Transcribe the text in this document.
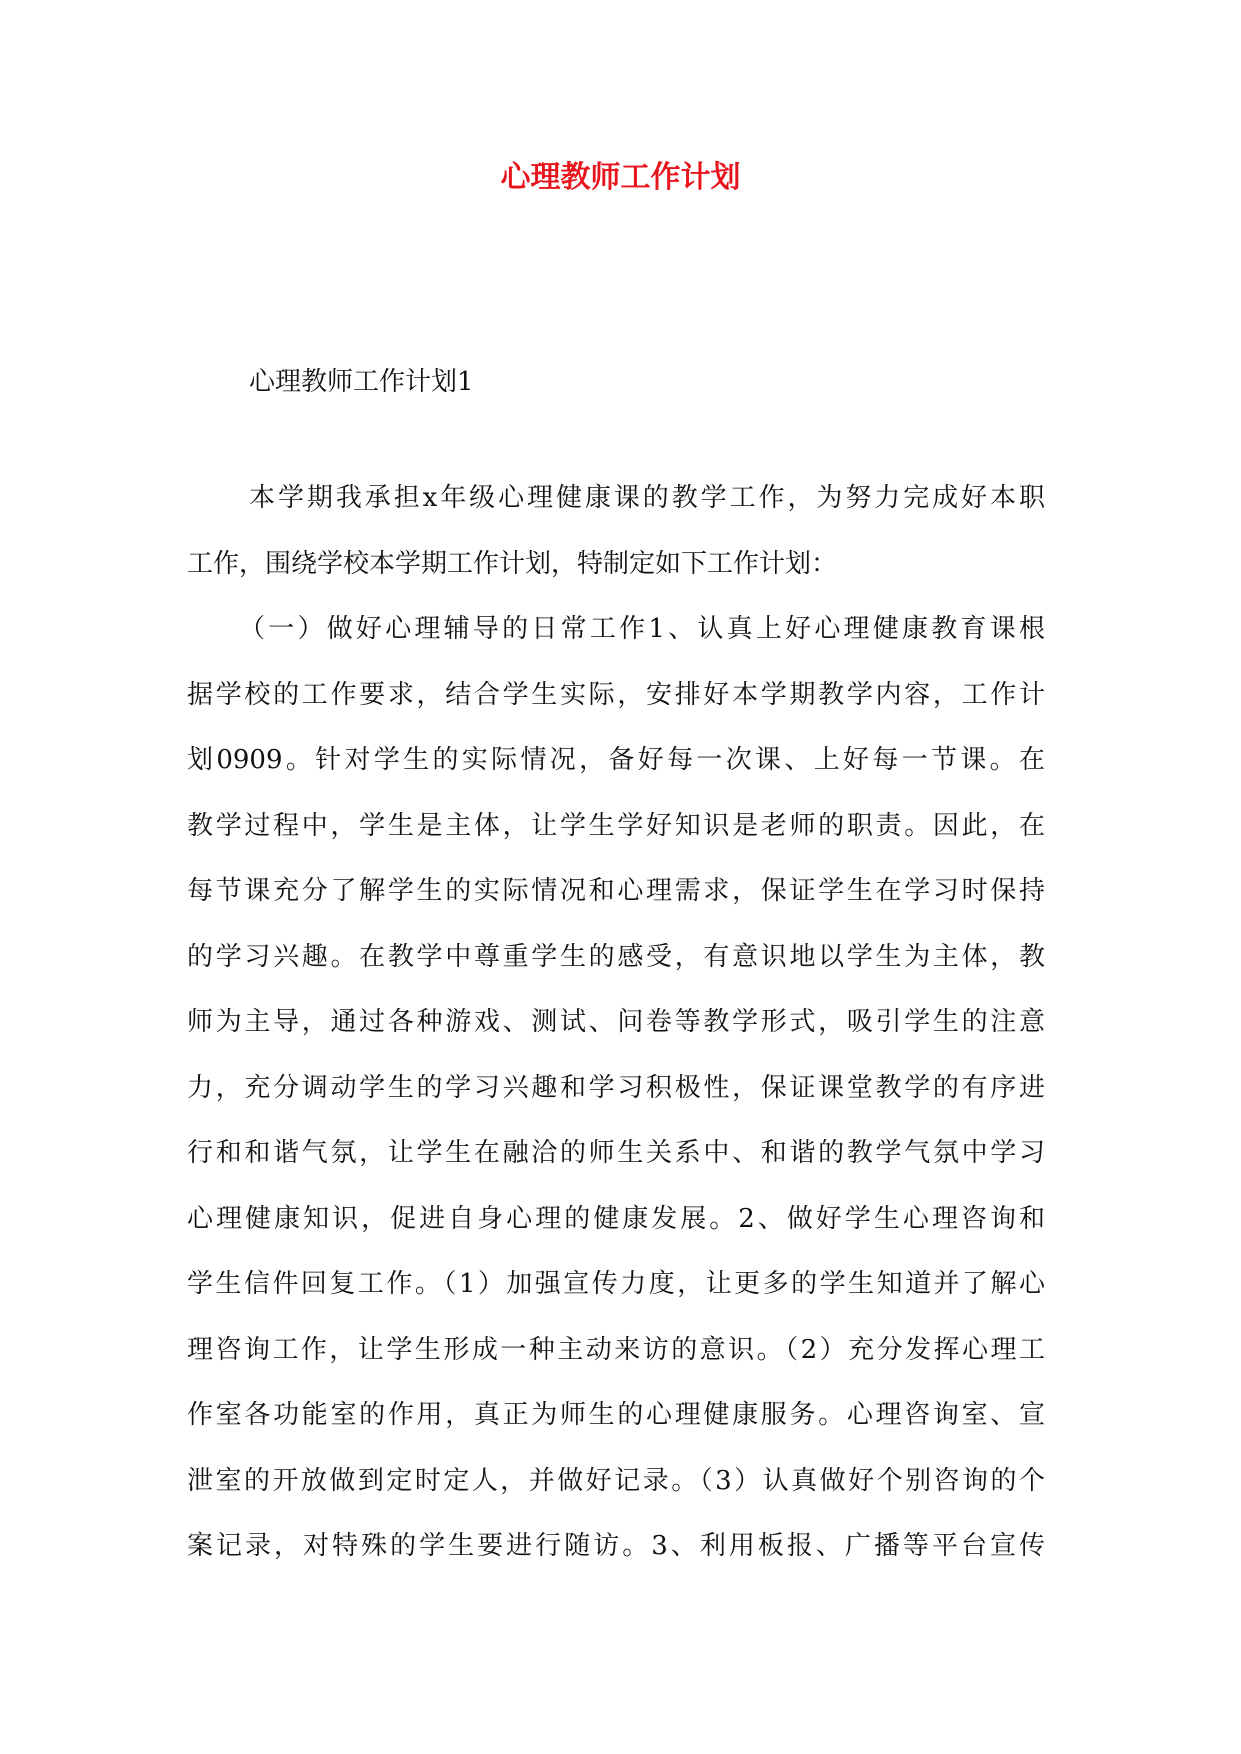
心理教师工作计划

心理教师工作计划1

本学期我承担x年级心理健康课的教学工作，为努力完成好本职
工作，围绕学校本学期工作计划，特制定如下工作计划：
（一）做好心理辅导的日常工作1、认真上好心理健康教育课根
据学校的工作要求，结合学生实际，安排好本学期教学内容，工作计
划0909。针对学生的实际情况，备好每一次课、上好每一节课。在
教学过程中，学生是主体，让学生学好知识是老师的职责。因此，在
每节课充分了解学生的实际情况和心理需求，保证学生在学习时保持
的学习兴趣。在教学中尊重学生的感受，有意识地以学生为主体，教
师为主导，通过各种游戏、测试、问卷等教学形式，吸引学生的注意
力，充分调动学生的学习兴趣和学习积极性，保证课堂教学的有序进
行和和谐气氛，让学生在融洽的师生关系中、和谐的教学气氛中学习
心理健康知识，促进自身心理的健康发展。2、做好学生心理咨询和
学生信件回复工作。（1）加强宣传力度，让更多的学生知道并了解心
理咨询工作，让学生形成一种主动来访的意识。（2）充分发挥心理工
作室各功能室的作用，真正为师生的心理健康服务。心理咨询室、宣
泄室的开放做到定时定人，并做好记录。（3）认真做好个别咨询的个
案记录，对特殊的学生要进行随访。3、利用板报、广播等平台宣传
